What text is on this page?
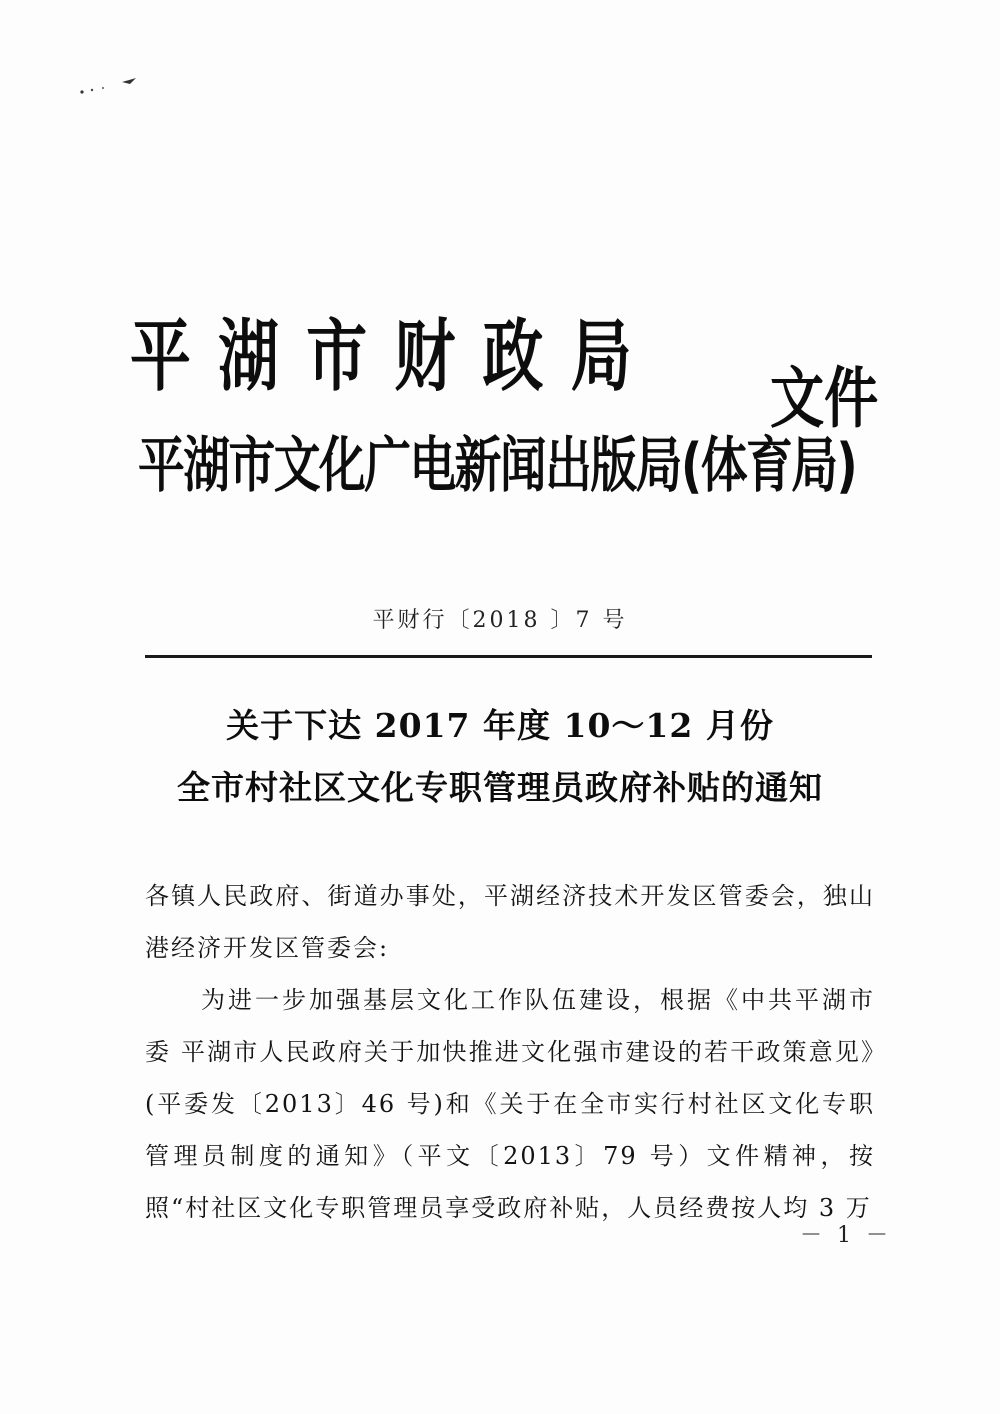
平湖市财政局
平湖市文化广电新闻出版局(体育局)
文件
平财行〔2018 〕7 号
关于下达 2017 年度 10～12 月份
全市村社区文化专职管理员政府补贴的通知

各镇人民政府、街道办事处，平湖经济技术开发区管委会，独山港经济开发区管委会:

为进一步加强基层文化工作队伍建设，根据《中共平湖市委 平湖市人民政府关于加快推进文化强市建设的若干政策意见》(平委发〔2013〕46 号)和《关于在全市实行村社区文化专职管理员制度的通知》（平文〔2013〕79 号）文件精神，按照“村社区文化专职管理员享受政府补贴，人员经费按人均 3 万

－ 1 －
